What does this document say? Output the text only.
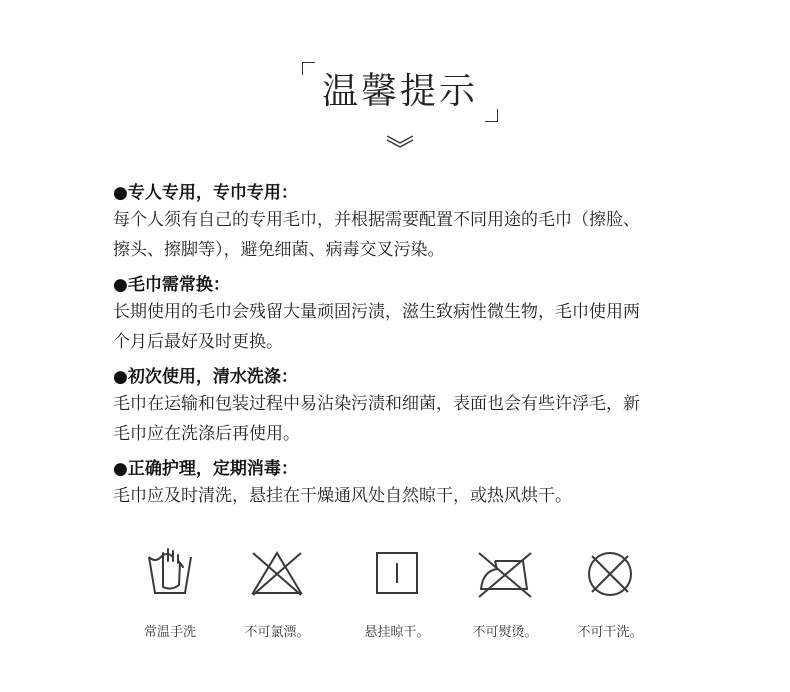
温馨提示
●专人专用，专巾专用：
每个人须有自己的专用毛巾，并根据需要配置不同用途的毛巾（擦脸、
擦头、擦脚等），避免细菌、病毒交叉污染。
●毛巾需常换：
长期使用的毛巾会残留大量顽固污渍，滋生致病性微生物，毛巾使用两
个月后最好及时更换。
●初次使用，清水洗涤：
毛巾在运输和包装过程中易沾染污渍和细菌，表面也会有些许浮毛，新
毛巾应在洗涤后再使用。
●正确护理，定期消毒：
毛巾应及时清洗，悬挂在干燥通风处自然晾干，或热风烘干。
常温手洗	不可氯漂。	悬挂晾干。	不可熨烫。	不可干洗。
